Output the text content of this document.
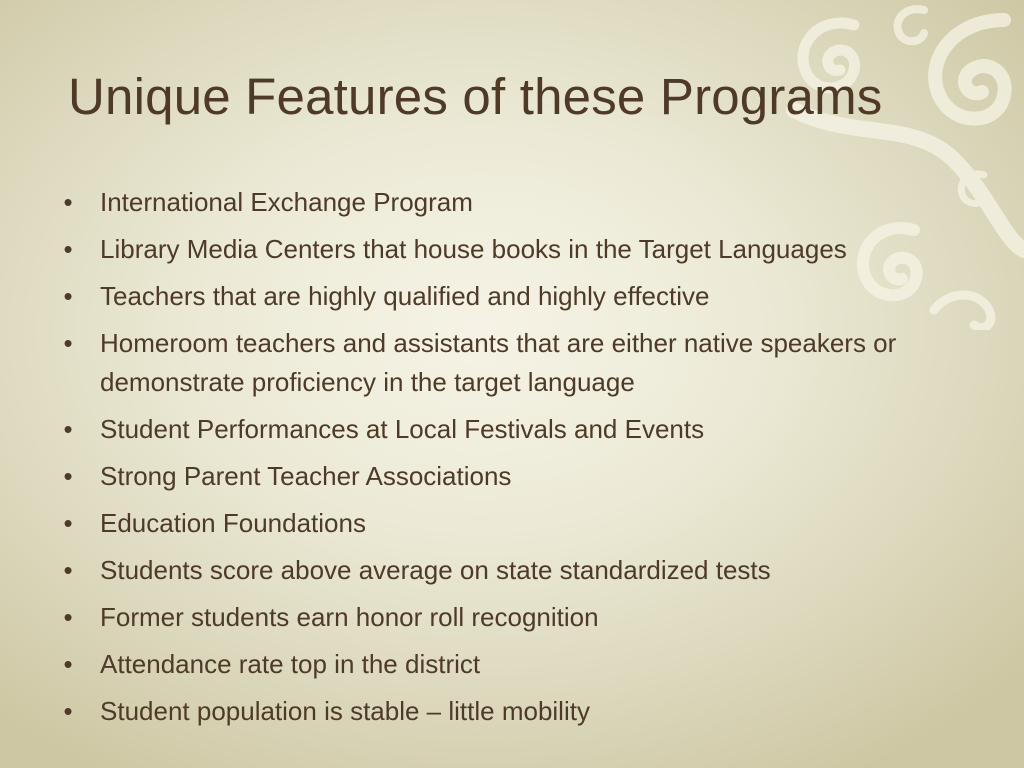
Unique Features of these Programs
• International Exchange Program
• Library Media Centers that house books in the Target Languages
• Teachers that are highly qualified and highly effective
• Homeroom teachers and assistants that are either native speakers or demonstrate proficiency in the target language
• Student Performances at Local Festivals and Events
• Strong Parent Teacher Associations
• Education Foundations
• Students score above average on state standardized tests
• Former students earn honor roll recognition
• Attendance rate top in the district
• Student population is stable – little mobility
